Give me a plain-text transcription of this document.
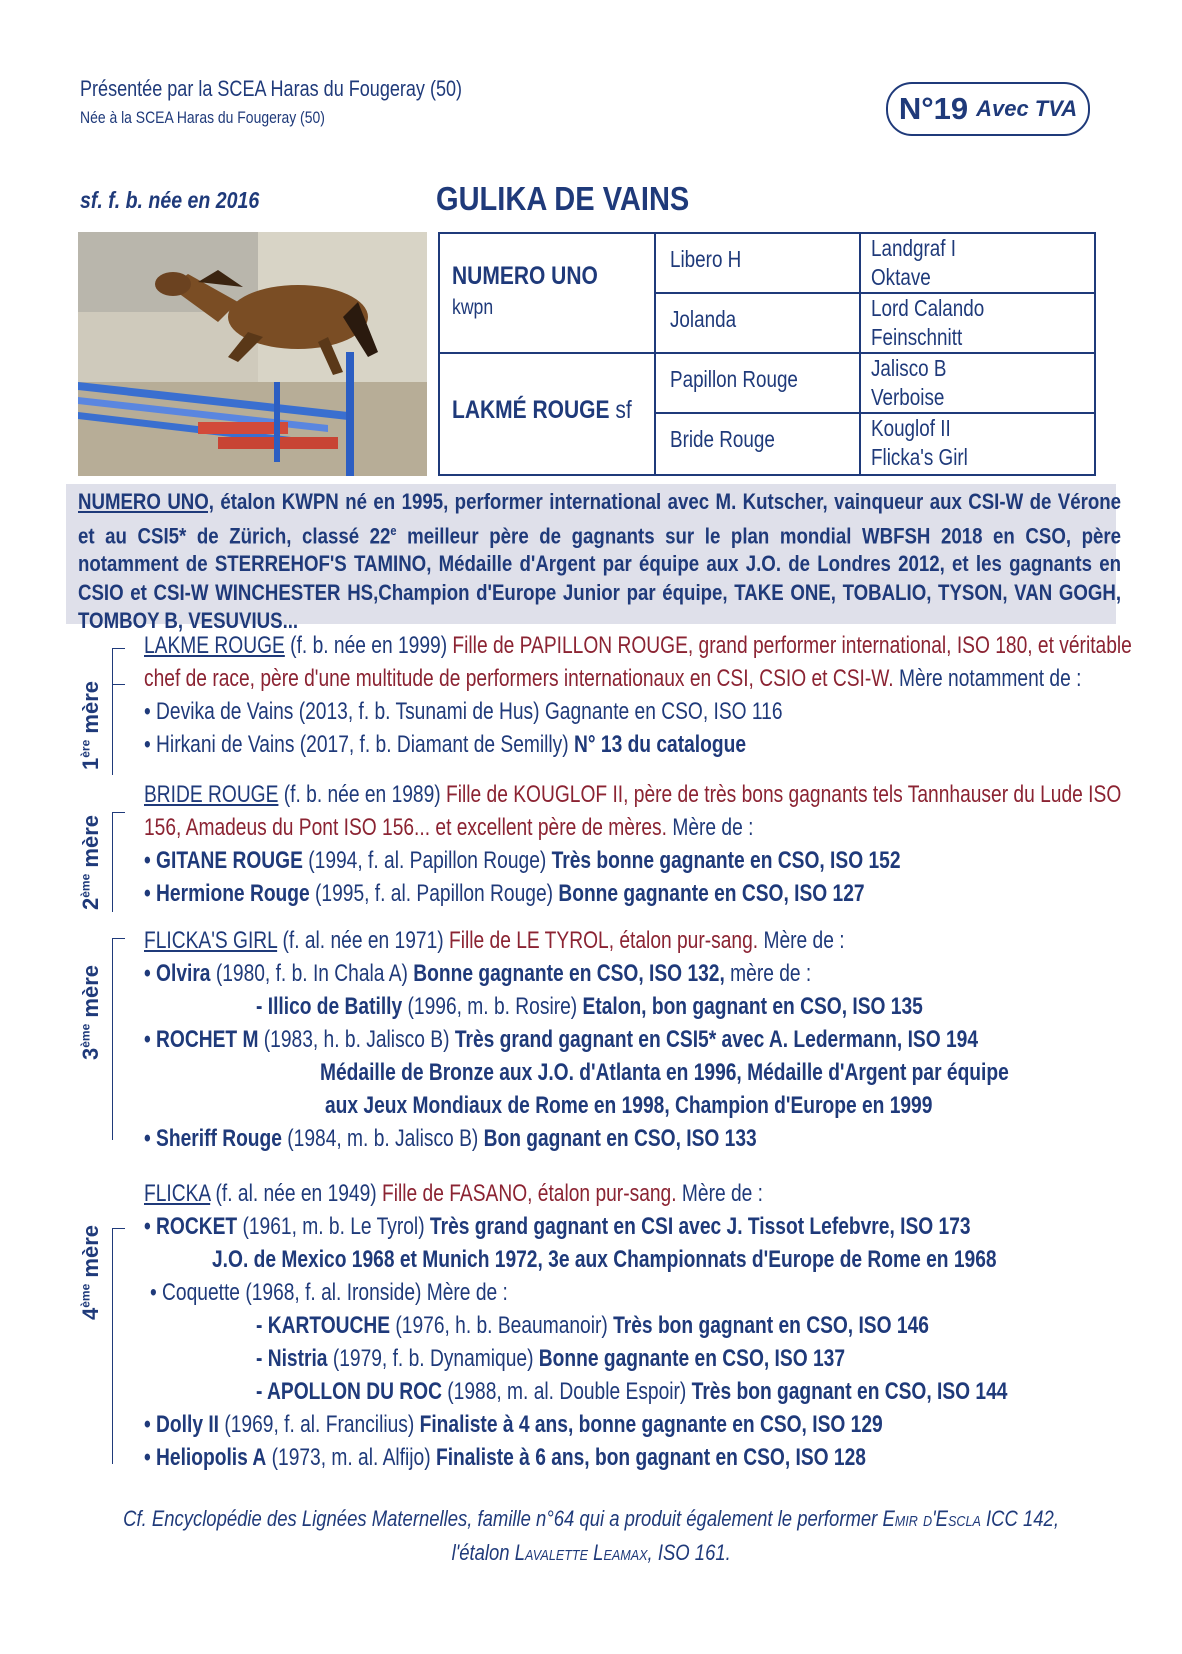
Présentée par la SCEA Haras du Fougeray (50)
Née à la SCEA Haras du Fougeray (50)	N°19 Avec TVA
sf. f. b. née en 2016	GULIKA DE VAINS
NUMERO UNO
kwpn
LAKMÉ ROUGE sf
Libero H
Jolanda
Papillon Rouge
Bride Rouge
Landgraf I
Oktave
Lord Calando
Feinschnitt
Jalisco B
Verboise
Kouglof II
Flicka's Girl

NUMERO UNO, étalon KWPN né en 1995, performer international avec M. Kutscher, vainqueur aux CSI-W de Vérone et au CSI5* de Zürich, classé 22e meilleur père de gagnants sur le plan mondial WBFSH 2018 en CSO, père notamment de STERREHOF'S TAMINO, Médaille d'Argent par équipe aux J.O. de Londres 2012, et les gagnants en CSIO et CSI-W WINCHESTER HS,Champion d'Europe Junior par équipe, TAKE ONE, TOBALIO, TYSON, VAN GOGH, TOMBOY B, VESUVIUS...

1ère mère
LAKME ROUGE (f. b. née en 1999) Fille de PAPILLON ROUGE, grand performer international, ISO 180, et véritable
chef de race, père d'une multitude de performers internationaux en CSI, CSIO et CSI-W. Mère notamment de :
• Devika de Vains (2013, f. b. Tsunami de Hus) Gagnante en CSO, ISO 116
• Hirkani de Vains (2017, f. b. Diamant de Semilly) N° 13 du catalogue
2ème mère
BRIDE ROUGE (f. b. née en 1989) Fille de KOUGLOF II, père de très bons gagnants tels Tannhauser du Lude ISO
156, Amadeus du Pont ISO 156... et excellent père de mères. Mère de :
• GITANE ROUGE (1994, f. al. Papillon Rouge) Très bonne gagnante en CSO, ISO 152
• Hermione Rouge (1995, f. al. Papillon Rouge) Bonne gagnante en CSO, ISO 127
3ème mère
FLICKA'S GIRL (f. al. née en 1971) Fille de LE TYROL, étalon pur-sang. Mère de :
• Olvira (1980, f. b. In Chala A) Bonne gagnante en CSO, ISO 132, mère de :
- Illico de Batilly (1996, m. b. Rosire) Etalon, bon gagnant en CSO, ISO 135
• ROCHET M (1983, h. b. Jalisco B) Très grand gagnant en CSI5* avec A. Ledermann, ISO 194
Médaille de Bronze aux J.O. d'Atlanta en 1996, Médaille d'Argent par équipe
aux Jeux Mondiaux de Rome en 1998, Champion d'Europe en 1999
• Sheriff Rouge (1984, m. b. Jalisco B) Bon gagnant en CSO, ISO 133
4ème mère
FLICKA (f. al. née en 1949) Fille de FASANO, étalon pur-sang. Mère de :
• ROCKET (1961, m. b. Le Tyrol) Très grand gagnant en CSI avec J. Tissot Lefebvre, ISO 173
J.O. de Mexico 1968 et Munich 1972, 3e aux Championnats d'Europe de Rome en 1968
• Coquette (1968, f. al. Ironside) Mère de :
- KARTOUCHE (1976, h. b. Beaumanoir) Très bon gagnant en CSO, ISO 146
- Nistria (1979, f. b. Dynamique) Bonne gagnante en CSO, ISO 137
- APOLLON DU ROC (1988, m. al. Double Espoir) Très bon gagnant en CSO, ISO 144
• Dolly II (1969, f. al. Francilius) Finaliste à 4 ans, bonne gagnante en CSO, ISO 129
• Heliopolis A (1973, m. al. Alfijo) Finaliste à 6 ans, bon gagnant en CSO, ISO 128
Cf. Encyclopédie des Lignées Maternelles, famille n°64 qui a produit également le performer Emir d'Escla ICC 142,
l'étalon Lavalette Leamax, ISO 161.
